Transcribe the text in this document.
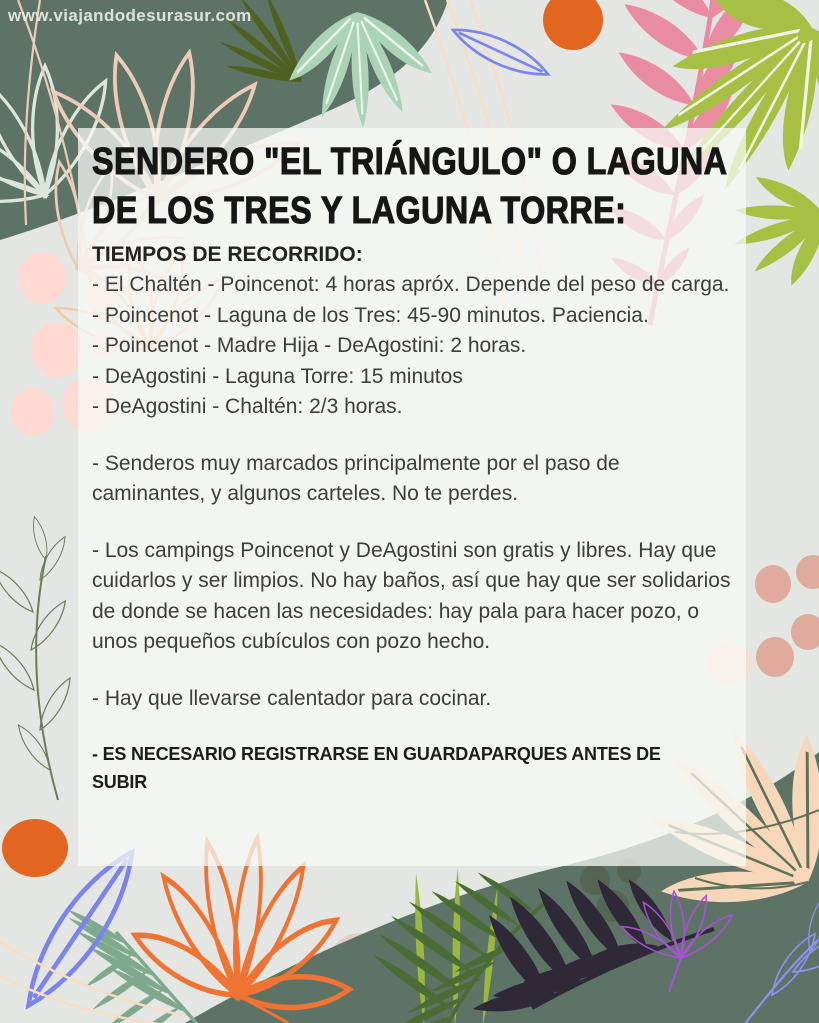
SENDERO "EL TRIÁNGULO" O LAGUNA
DE LOS TRES Y LAGUNA TORRE:
TIEMPOS DE RECORRIDO:

- El Chaltén - Poincenot: 4 horas apróx. Depende del peso de carga.

- Poincenot - Laguna de los Tres: 45-90 minutos. Paciencia.

- Poincenot - Madre Hija - DeAgostini: 2 horas.

- DeAgostini - Laguna Torre: 15 minutos

- DeAgostini - Chaltén: 2/3 horas.

- Senderos muy marcados principalmente por el paso de caminantes, y algunos carteles. No te perdes.

- Los campings Poincenot y DeAgostini son gratis y libres. Hay que cuidarlos y ser limpios. No hay baños, así que hay que ser solidarios de donde se hacen las necesidades: hay pala para hacer pozo, o unos pequeños cubículos con pozo hecho.

- Hay que llevarse calentador para cocinar.

- ES NECESARIO REGISTRARSE EN GUARDAPARQUES ANTES DE
SUBIR
www.viajandodesurasur.com
